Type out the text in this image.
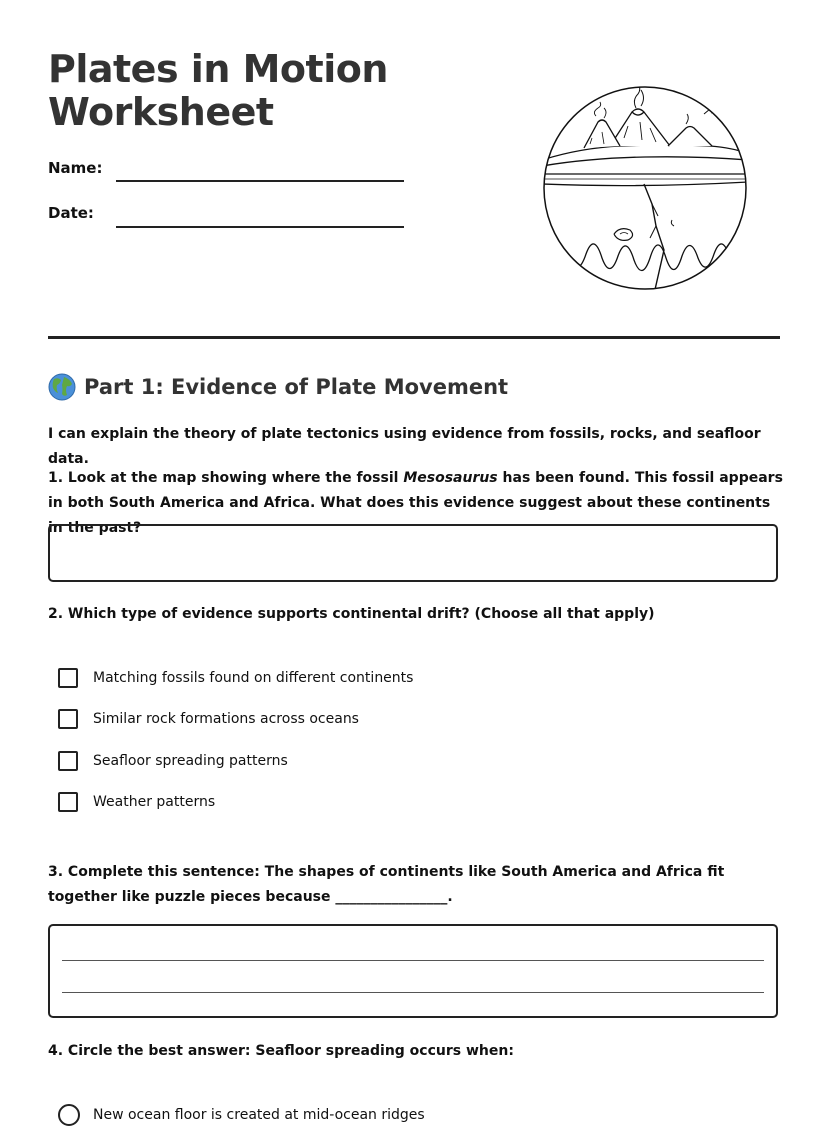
Plates in Motion
Worksheet
Name:
Date:
Part 1: Evidence of Plate Movement

I can explain the theory of plate tectonics using evidence from fossils, rocks, and seafloor data.

1. Look at the map showing where the fossil Mesosaurus has been found. This fossil appears in both South America and Africa. What does this evidence suggest about these continents in the past?

2. Which type of evidence supports continental drift? (Choose all that apply)

Matching fossils found on different continents
Similar rock formations across oceans
Seafloor spreading patterns
Weather patterns

3. Complete this sentence: The shapes of continents like South America and Africa fit together like puzzle pieces because ________________.

4. Circle the best answer: Seafloor spreading occurs when:

New ocean floor is created at mid-ocean ridges
